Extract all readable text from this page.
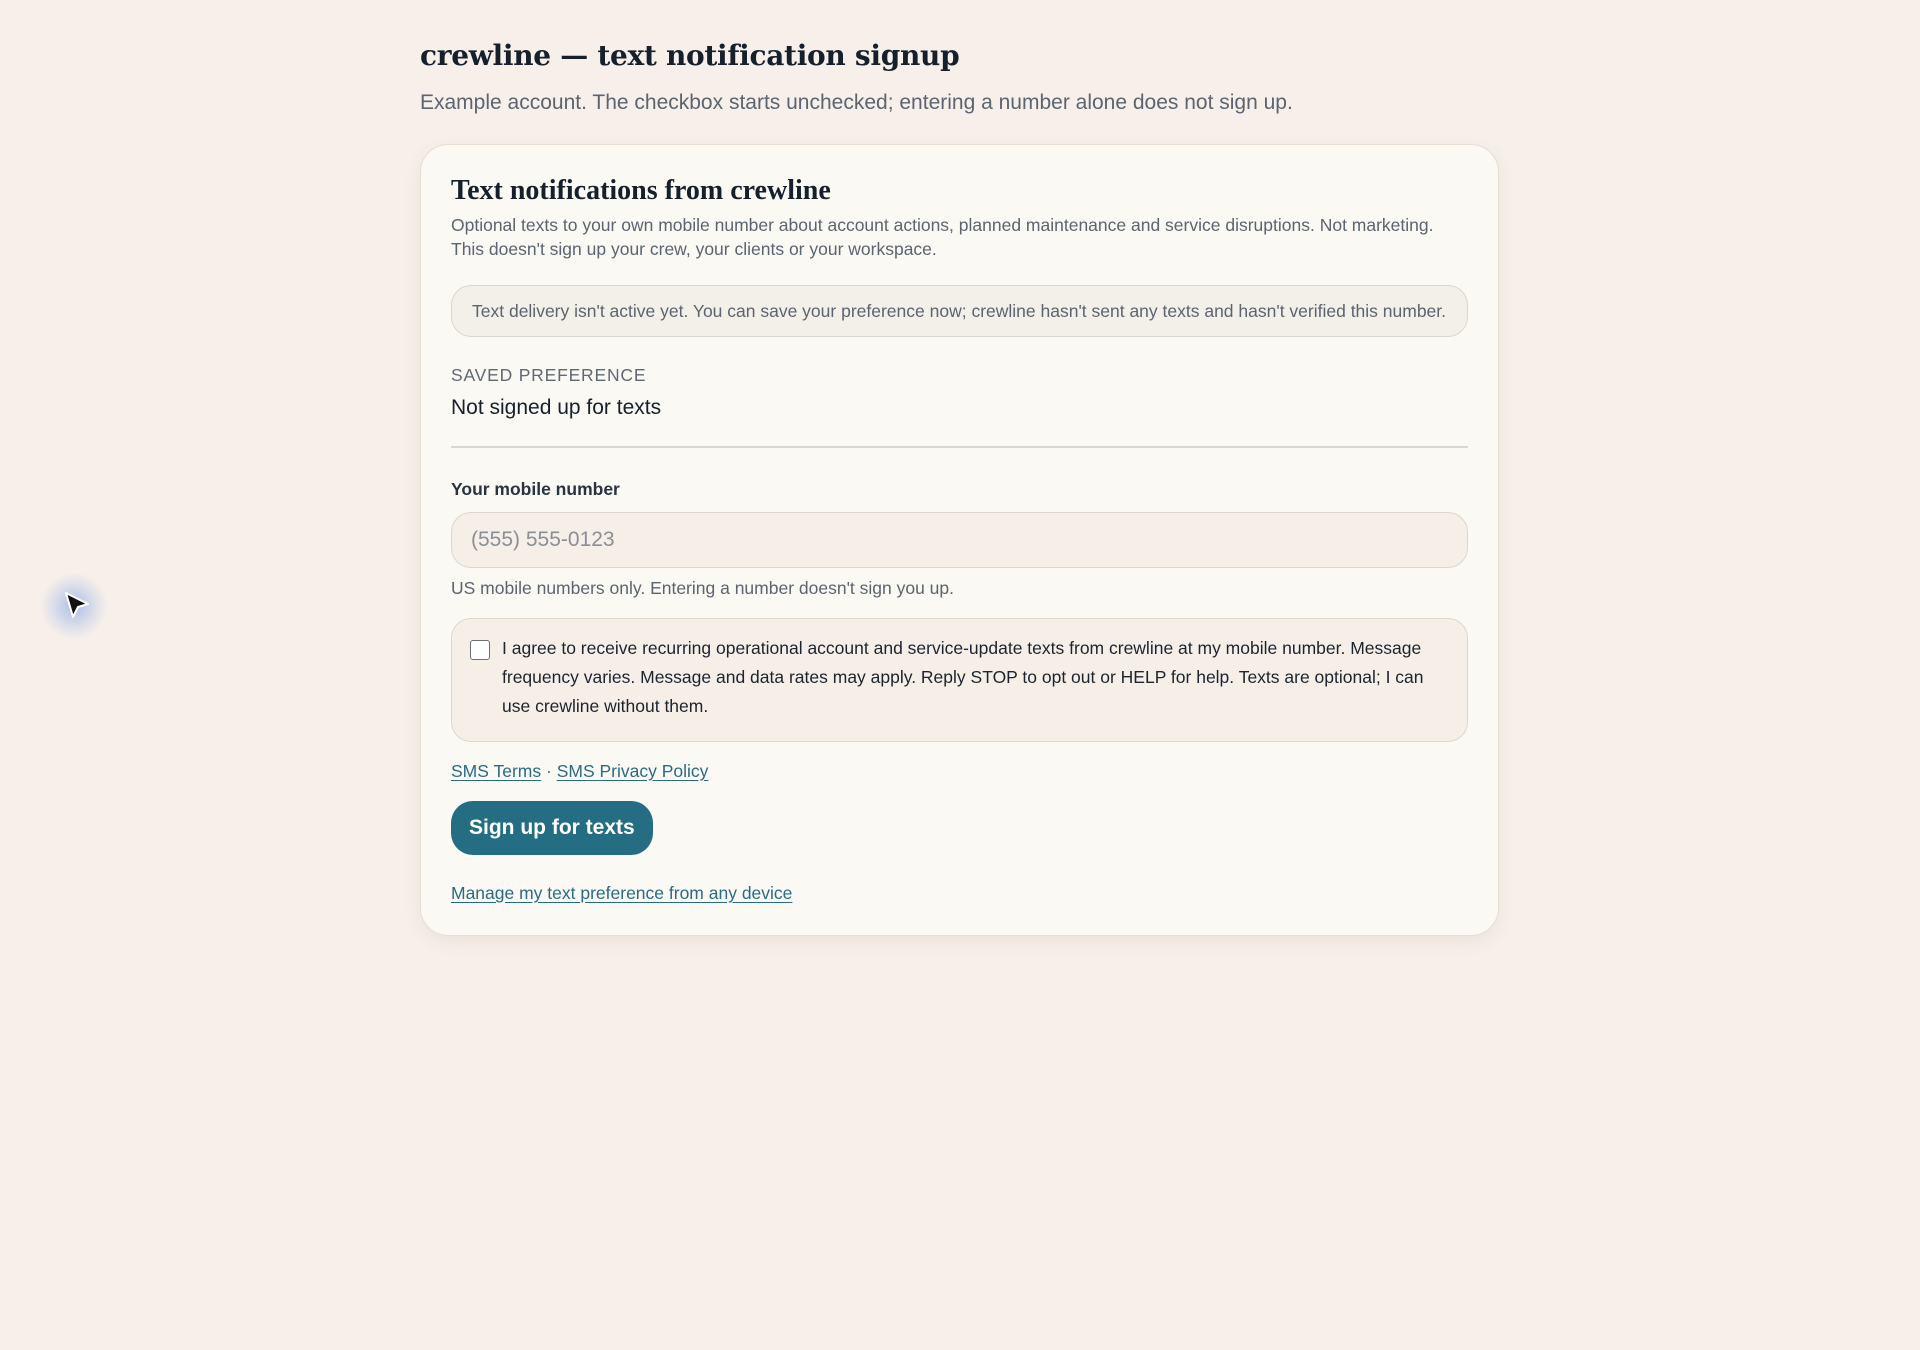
crewline — text notification signup

Example account. The checkbox starts unchecked; entering a number alone does not sign up.

Text notifications from crewline

Optional texts to your own mobile number about account actions, planned maintenance and service disruptions. Not marketing. This doesn't sign up your crew, your clients or your workspace.

Text delivery isn't active yet. You can save your preference now; crewline hasn't sent any texts and hasn't verified this number.
SAVED PREFERENCE
Not signed up for texts
Your mobile number
(555) 555-0123
US mobile numbers only. Entering a number doesn't sign you up.
I agree to receive recurring operational account and service-update texts from crewline at my mobile number. Message frequency varies. Message and data rates may apply. Reply STOP to opt out or HELP for help. Texts are optional; I can use crewline without them.
SMS Terms · SMS Privacy Policy
Sign up for texts
Manage my text preference from any device
